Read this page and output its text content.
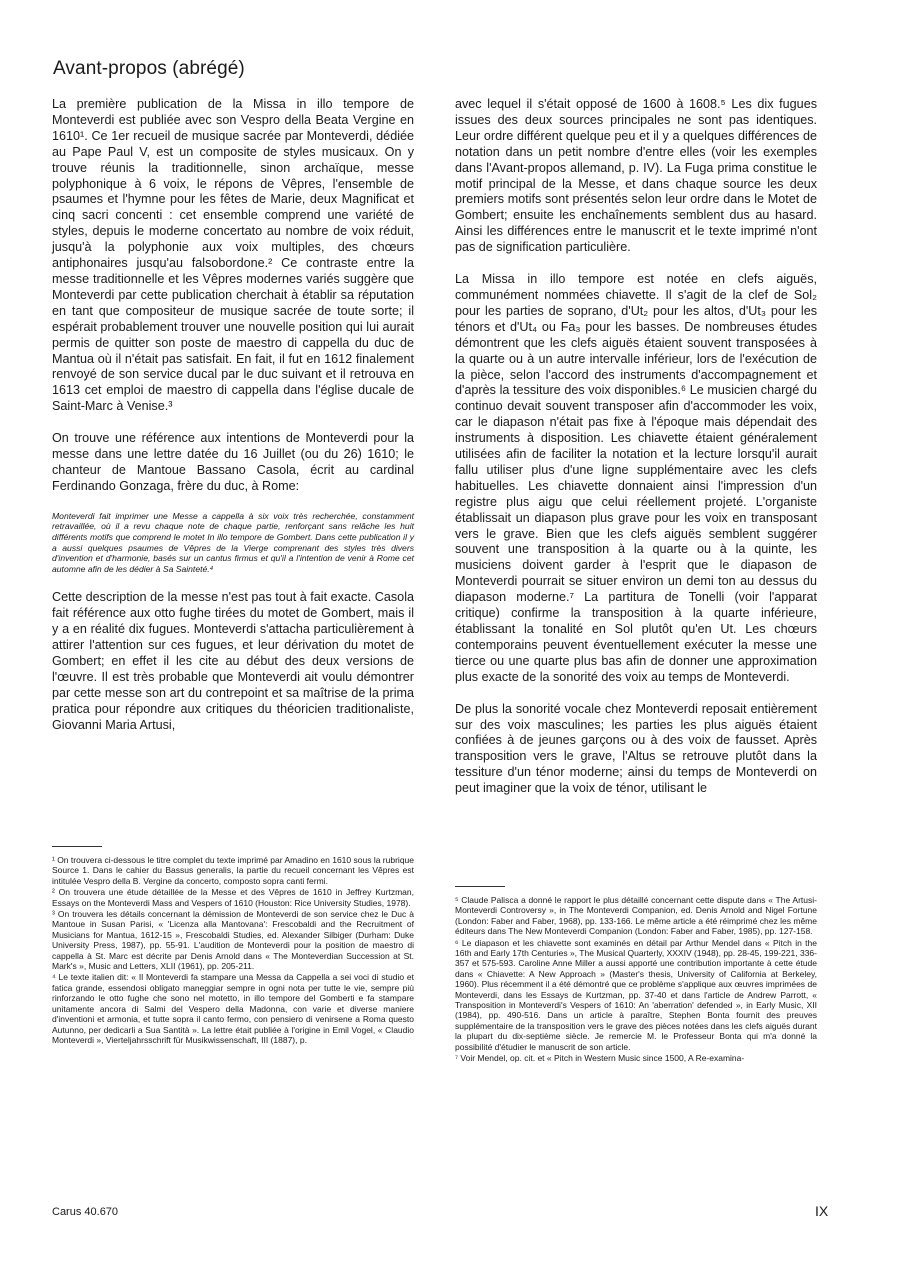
Avant-propos (abrégé)

La première publication de la Missa in illo tempore de Monteverdi est publiée avec son Vespro della Beata Vergine en 1610¹. Ce 1er recueil de musique sacrée par Monteverdi, dédiée au Pape Paul V, est un composite de styles musicaux. On y trouve réunis la traditionnelle, sinon archaïque, messe polyphonique à 6 voix, le répons de Vêpres, l'ensemble de psaumes et l'hymne pour les fêtes de Marie, deux Magnificat et cinq sacri concenti : cet ensemble comprend une variété de styles, depuis le moderne concertato au nombre de voix réduit, jusqu'à la polyphonie aux voix multiples, des chœurs antiphonaires jusqu'au falsobordone.² Ce contraste entre la messe traditionnelle et les Vêpres modernes variés suggère que Monteverdi par cette publication cherchait à établir sa réputation en tant que compositeur de musique sacrée de toute sorte; il espérait probablement trouver une nouvelle position qui lui aurait permis de quitter son poste de maestro di cappella du duc de Mantua où il n'était pas satisfait. En fait, il fut en 1612 finalement renvoyé de son service ducal par le duc suivant et il retrouva en 1613 cet emploi de maestro di cappella dans l'église ducale de Saint-Marc à Venise.³

On trouve une référence aux intentions de Monteverdi pour la messe dans une lettre datée du 16 Juillet (ou du 26) 1610; le chanteur de Mantoue Bassano Casola, écrit au cardinal Ferdinando Gonzaga, frère du duc, à Rome:

Monteverdi fait imprimer une Messe a cappella à six voix très recherchée, constamment retravaillée, où il a revu chaque note de chaque partie, renforçant sans relâche les huit différents motifs que comprend le motet In illo tempore de Gombert. Dans cette publication il y a aussi quelques psaumes de Vêpres de la Vierge comprenant des styles très divers d'invention et d'harmonie, basés sur un cantus firmus et qu'il a l'intention de venir à Rome cet automne afin de les dédier à Sa Sainteté.⁴

Cette description de la messe n'est pas tout à fait exacte. Casola fait référence aux otto fughe tirées du motet de Gombert, mais il y a en réalité dix fugues. Monteverdi s'attacha particulièrement à attirer l'attention sur ces fugues, et leur dérivation du motet de Gombert; en effet il les cite au début des deux versions de l'œuvre. Il est très probable que Monteverdi ait voulu démontrer par cette messe son art du contrepoint et sa maîtrise de la prima pratica pour répondre aux critiques du théoricien traditionaliste, Giovanni Maria Artusi,

avec lequel il s'était opposé de 1600 à 1608.⁵ Les dix fugues issues des deux sources principales ne sont pas identiques. Leur ordre différent quelque peu et il y a quelques différences de notation dans un petit nombre d'entre elles (voir les exemples dans l'Avant-propos allemand, p. IV). La Fuga prima constitue le motif principal de la Messe, et dans chaque source les deux premiers motifs sont présentés selon leur ordre dans le Motet de Gombert; ensuite les enchaînements semblent dus au hasard. Ainsi les différences entre le manuscrit et le texte imprimé n'ont pas de signification particulière.

La Missa in illo tempore est notée en clefs aiguës, communément nommées chiavette. Il s'agit de la clef de Sol₂ pour les parties de soprano, d'Ut₂ pour les altos, d'Ut₃ pour les ténors et d'Ut₄ ou Fa₃ pour les basses. De nombreuses études démontrent que les clefs aiguës étaient souvent transposées à la quarte ou à un autre intervalle inférieur, lors de l'exécution de la pièce, selon l'accord des instruments d'accompagnement et d'après la tessiture des voix disponibles.⁶ Le musicien chargé du continuo devait souvent transposer afin d'accommoder les voix, car le diapason n'était pas fixe à l'époque mais dépendait des instruments à disposition. Les chiavette étaient généralement utilisées afin de faciliter la notation et la lecture lorsqu'il aurait fallu utiliser plus d'une ligne supplémentaire avec les clefs habituelles. Les chiavette donnaient ainsi l'impression d'un registre plus aigu que celui réellement projeté. L'organiste établissait un diapason plus grave pour les voix en transposant vers le grave. Bien que les clefs aiguës semblent suggérer souvent une transposition à la quarte ou à la quinte, les musiciens doivent garder à l'esprit que le diapason de Monteverdi pourrait se situer environ un demi ton au dessus du diapason moderne.⁷ La partitura de Tonelli (voir l'apparat critique) confirme la transposition à la quarte inférieure, établissant la tonalité en Sol plutôt qu'en Ut. Les chœurs contemporains peuvent éventuellement exécuter la messe une tierce ou une quarte plus bas afin de donner une approximation plus exacte de la sonorité des voix au temps de Monteverdi.

De plus la sonorité vocale chez Monteverdi reposait entièrement sur des voix masculines; les parties les plus aiguës étaient confiées à de jeunes garçons ou à des voix de fausset. Après transposition vers le grave, l'Altus se retrouve plutôt dans la tessiture d'un ténor moderne; ainsi du temps de Monteverdi on peut imaginer que la voix de ténor, utilisant le

¹ On trouvera ci-dessous le titre complet du texte imprimé par Amadino en 1610 sous la rubrique Source 1. Dans le cahier du Bassus generalis, la partie du recueil concernant les Vêpres est intitulée Vespro della B. Vergine da concerto, composto sopra canti fermi.
² On trouvera une étude détaillée de la Messe et des Vêpres de 1610 in Jeffrey Kurtzman, Essays on the Monteverdi Mass and Vespers of 1610 (Houston: Rice University Studies, 1978).
³ On trouvera les détails concernant la démission de Monteverdi de son service chez le Duc à Mantoue in Susan Parisi, « 'Licenza alla Mantovana': Frescobaldi and the Recruitment of Musicians for Mantua, 1612-15 », Frescobaldi Studies, ed. Alexander Silbiger (Durham: Duke University Press, 1987), pp. 55-91. L'audition de Monteverdi pour la position de maestro di cappella à St. Marc est décrite par Denis Arnold dans « The Monteverdian Succession at St. Mark's », Music and Letters, XLII (1961), pp. 205-211.
⁴ Le texte italien dit: « Il Monteverdi fa stampare una Messa da Cappella a sei voci di studio et fatica grande, essendosi obligato maneggiar sempre in ogni nota per tutte le vie, sempre più rinforzando le otto fughe che sono nel motetto, in illo tempore del Gomberti e fa stampare unitamente ancora di Salmi del Vespero della Madonna, con varie et diverse maniere d'inventioni et armonia, et tutte sopra il canto fermo, con pensiero di venirsene a Roma questo Autunno, per dedicarli a Sua Santità ». La lettre était publiée à l'origine in Emil Vogel, « Claudio Monteverdi », Vierteljahrsschrift für Musikwissenschaft, III (1887), p.
⁵ Claude Palisca a donné le rapport le plus détaillé concernant cette dispute dans « The Artusi-Monteverdi Controversy », in The Monteverdi Companion, ed. Denis Arnold and Nigel Fortune (London: Faber and Faber, 1968), pp. 133-166. Le même article a été réimprimé chez les même éditeurs dans The New Monteverdi Companion (London: Faber and Faber, 1985), pp. 127-158.
⁶ Le diapason et les chiavette sont examinés en détail par Arthur Mendel dans « Pitch in the 16th and Early 17th Centuries », The Musical Quarterly, XXXIV (1948), pp. 28-45, 199-221, 336-357 et 575-593. Caroline Anne Miller a aussi apporté une contribution importante à cette étude dans « Chiavette: A New Approach » (Master's thesis, University of California at Berkeley, 1960). Plus récemment il a été démontré que ce problème s'applique aux œuvres imprimées de Monteverdi, dans les Essays de Kurtzman, pp. 37-40 et dans l'article de Andrew Parrott, « Transposition in Monteverdi's Vespers of 1610: An 'aberration' defended », in Early Music, XII (1984), pp. 490-516. Dans un article à paraître, Stephen Bonta fournit des preuves supplémentaire de la transposition vers le grave des pièces notées dans les clefs aiguës durant la plupart du dix-septième siècle. Je remercie M. le Professeur Bonta qui m'a donné la possibilité d'étudier le manuscrit de son article.
⁷ Voir Mendel, op. cit. et « Pitch in Western Music since 1500, A Re-examina-
Carus 40.670	IX
